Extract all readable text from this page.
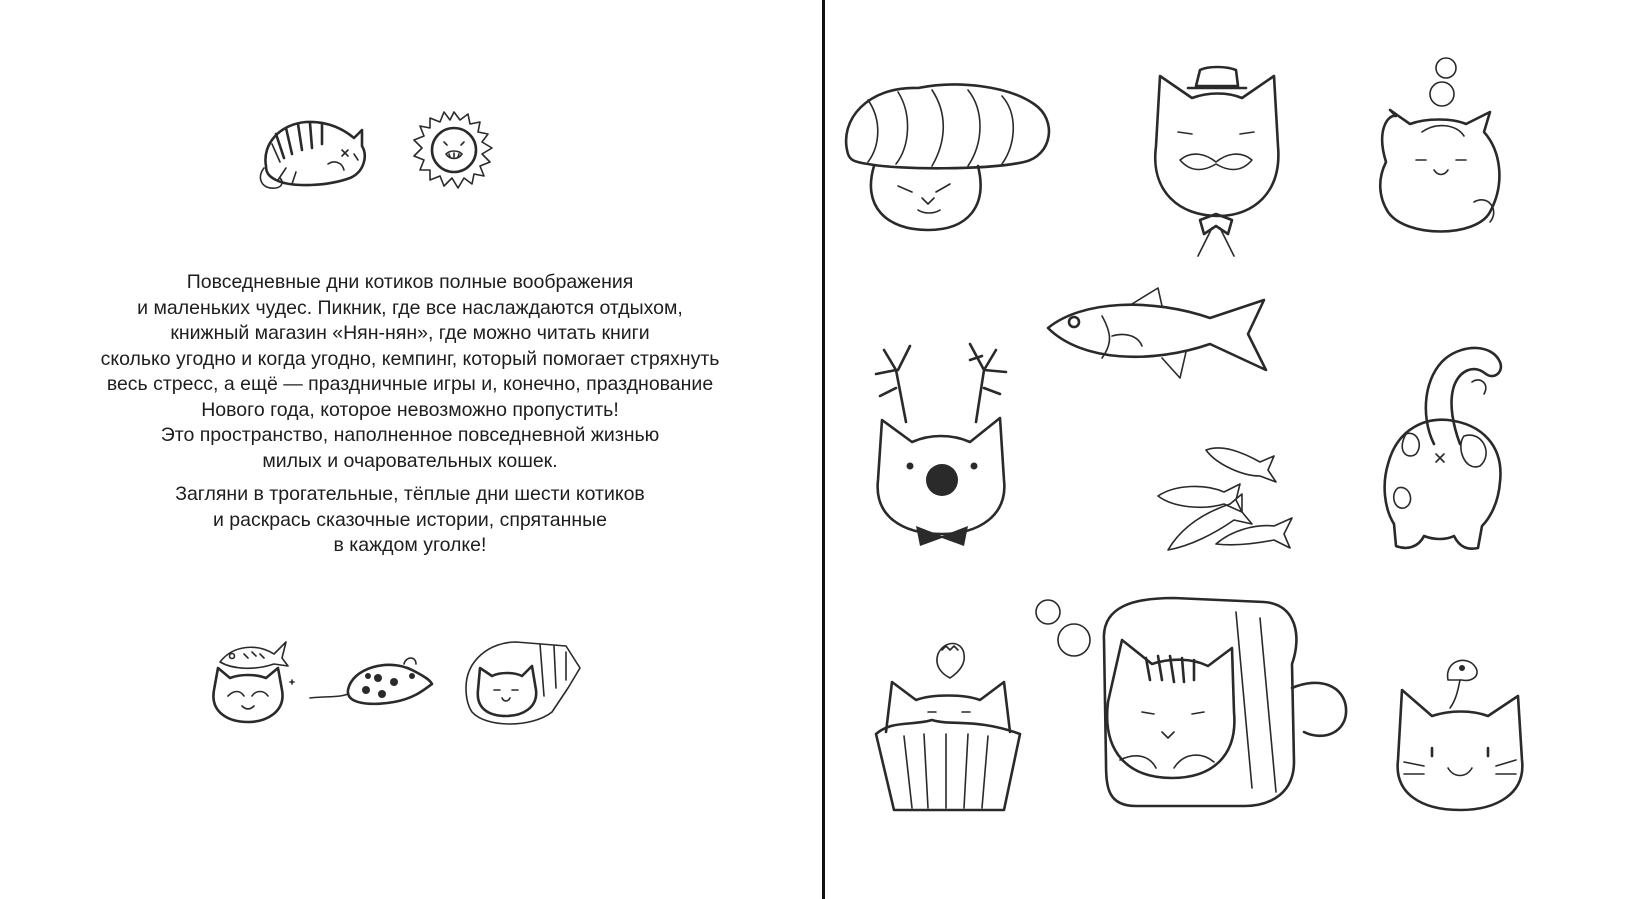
Повседневные дни котиков полные воображения
и маленьких чудес. Пикник, где все наслаждаются отдыхом,
книжный магазин «Нян-нян», где можно читать книги
сколько угодно и когда угодно, кемпинг, который помогает стряхнуть
весь стресс, а ещё — праздничные игры и, конечно, празднование
Нового года, которое невозможно пропустить!
Это пространство, наполненное повседневной жизнью
милых и очаровательных кошек.
Загляни в трогательные, тёплые дни шести котиков
и раскрась сказочные истории, спрятанные
в каждом уголке!
